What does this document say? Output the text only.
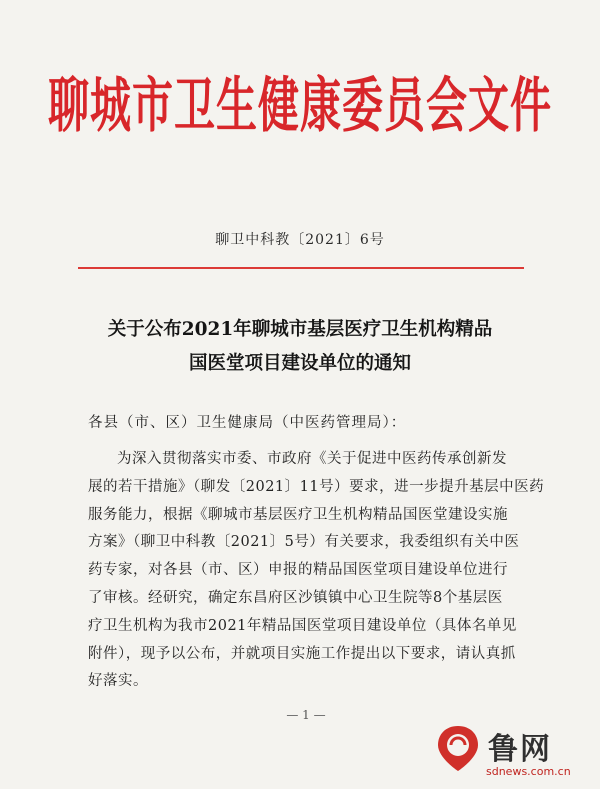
聊城市卫生健康委员会文件
聊卫中科教〔2021〕6号
关于公布2021年聊城市基层医疗卫生机构精品
国医堂项目建设单位的通知
各县（市、区）卫生健康局（中医药管理局）：
为深入贯彻落实市委、市政府《关于促进中医药传承创新发
展的若干措施》（聊发〔2021〕11号）要求，进一步提升基层中医药
服务能力，根据《聊城市基层医疗卫生机构精品国医堂建设实施
方案》（聊卫中科教〔2021〕5号）有关要求，我委组织有关中医
药专家，对各县（市、区）申报的精品国医堂项目建设单位进行
了审核。经研究，确定东昌府区沙镇镇中心卫生院等8个基层医
疗卫生机构为我市2021年精品国医堂项目建设单位（具体名单见
附件），现予以公布，并就项目实施工作提出以下要求，请认真抓
好落实。
— 1 —
鲁网
sdnews.com.cn
